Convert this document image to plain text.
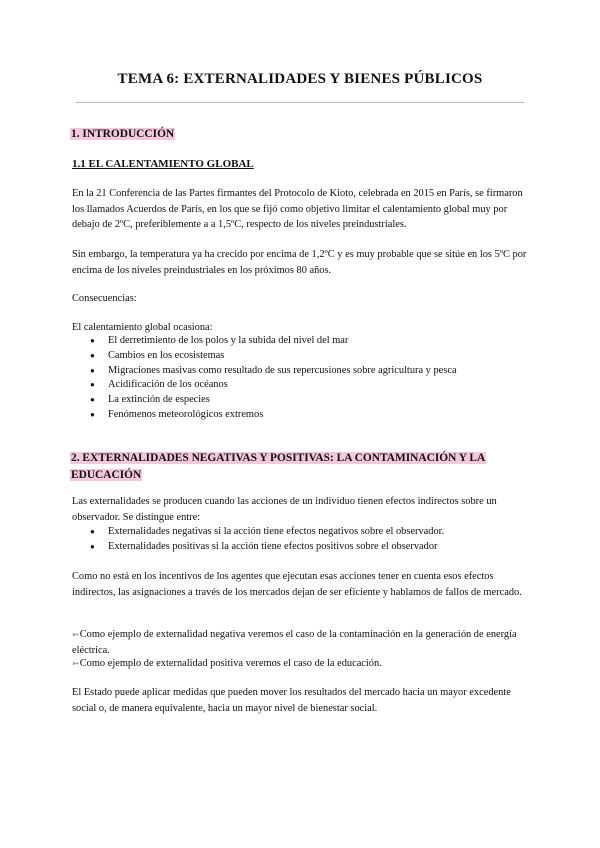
TEMA 6: EXTERNALIDADES Y BIENES PÚBLICOS
1. INTRODUCCIÓN
1.1 EL CALENTAMIENTO GLOBAL
En la 21 Conferencia de las Partes firmantes del Protocolo de Kioto, celebrada en 2015 en París, se firmaron los llamados Acuerdos de París, en los que se fijó como objetivo limitar el calentamiento global muy por debajo de 2ºC, preferiblemente a a 1,5ºC, respecto de los niveles preindustriales.
Sin embargo, la temperatura ya ha crecido por encima de 1,2ºC y es muy probable que se sitúe en los 5ºC por encima de los niveles preindustriales en los próximos 80 años.
Consecuencias:
El calentamiento global ocasiona:
● El derretimiento de los polos y la subida del nivel del mar
● Cambios en los ecosistemas
● Migraciones masivas como resultado de sus repercusiones sobre agricultura y pesca
● Acidificación de los océanos
● La extinción de especies
● Fenómenos meteorológicos extremos
2. EXTERNALIDADES NEGATIVAS Y POSITIVAS: LA CONTAMINACIÓN Y LA
EDUCACIÓN
Las externalidades se producen cuando las acciones de un individuo tienen efectos indirectos sobre un observador. Se distingue entre:
● Externalidades negativas si la acción tiene efectos negativos sobre el observador.
● Externalidades positivas si la acción tiene efectos positivos sobre el observador
Como no está en los incentivos de los agentes que ejecutan esas acciones tener en cuenta esos efectos indirectos, las asignaciones a través de los mercados dejan de ser eficiente y hablamos de fallos de mercado.
➳Como ejemplo de externalidad negativa veremos el caso de la contaminación en la generación de energía eléctrica.
➳Como ejemplo de externalidad positiva veremos el caso de la educación.
El Estado puede aplicar medidas que pueden mover los resultados del mercado hacia un mayor excedente social o, de manera equivalente, hacia un mayor nivel de bienestar social.
